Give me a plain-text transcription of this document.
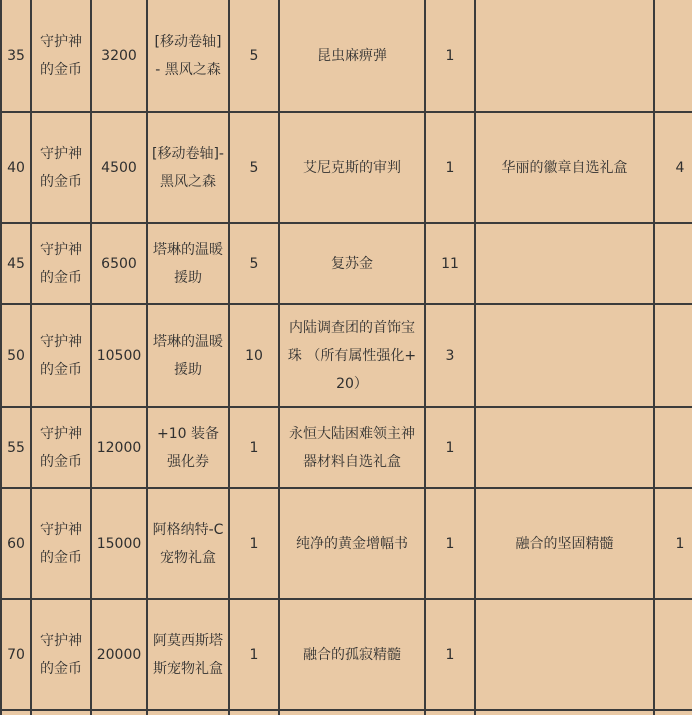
35	守护神的金币	3200	[移动卷轴] - 黑风之森	5	昆虫麻痹弹	1		
40	守护神的金币	4500	[移动卷轴]- 黑风之森	5	艾尼克斯的审判	1	华丽的徽章自选礼盒	4
45	守护神的金币	6500	塔琳的温暖援助	5	复苏金	11		
50	守护神的金币	10500	塔琳的温暖援助	10	内陆调查团的首饰宝珠 （所有属性强化+20）	3		
55	守护神的金币	12000	+10 装备强化券	1	永恒大陆困难领主神器材料自选礼盒	1		
60	守护神的金币	15000	阿格纳特-C宠物礼盒	1	纯净的黄金增幅书	1	融合的坚固精髓	1
70	守护神的金币	20000	阿莫西斯塔斯宠物礼盒	1	融合的孤寂精髓	1		
